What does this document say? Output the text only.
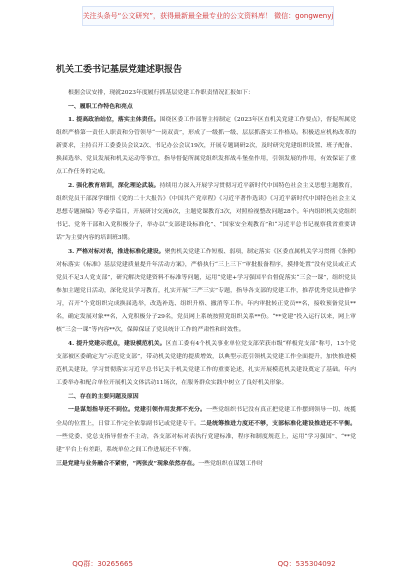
关注头条号“公文研究”，获得最新最全最专业的公文资料库！ 微信：gongwenyj
机关工委书记基层党建述职报告

根据会议安排，现就2023年度履行抓基层党建工作职责情况汇报如下：

一、履职工作特色和亮点

1. 提高政治站位，落实主体责任。围绕区委工作部署主持制定《2023年区直机关党建工作要点》，督促所属党组织严格第一责任人职责和分管领导“一岗双责”，形成了一级抓一级、层层抓落实工作格局。积极适应机构改革的新要求，主持召开工委委员会议2次、书记办公会议19次，开展专题调研2次，及时研究党建组织设置、班子配备、换届选举、党员发展和机关运动等事宜，指导督促所属党组织发挥战斗堡垒作用，引领发展的作用，有效保证了重点工作任务的完成。

2. 强化教育培训，深化理论武装。持续用力深入开展学习贯彻习近平新时代中国特色社会主义思想主题教育，组织党员干部深学细悟《党的二十大报告》《中国共产党章程》《习近平著作选读》《习近平新时代中国特色社会主义思想专题摘编》等必学篇目，开展研讨交流6次，主题党课教育3次，对照检视整改问题28个。年内组织机关党组织书记、党务干部和入党积极分子，举办以“支部建设标准化”、“国家安全观教育”和“习近平总书记视察我省重要讲话”为主要内容的培训班3期。

3. 严格对标对表，推进标准化建设。聚焦机关党建工作短板、弱项，制定落实《区委直属机关学习贯彻《条例》对标落实《标准》基层党建质量提升年活动方案》，严格执行“三上三下”审批报备程序，摸排处置“没有党员或正式党员不足3人党支部”，研究解决党建资料不标准等问题，运用“党建+学习强国平台督促落实“三会一课”，组织党员参加主题党日活动，深化党员学习教育，扎实开展“三严三实”专题，指导各支部的党建工作，推荐优秀党员进修学习，召开“个党组织完成换届选举，改选补选、组织升格、撤消等工作。年内审批转正党员**名，接收预备党员**名，确定发展对象**名，入党积极分子29名，党员网上系统按照党组织关系**份。“**党建”投入运行以来，网上审核“三会一课”等内容**次，保障保证了党员统计工作的严肃性和时效性。

4. 提升党建示范点，建设模范机关。区直工委有4个机关事业单位党支部荣获市级“样板党支部”称号，13个党支部被区委确定为“示范党支部”，带动机关党建的提质增效，以典型示范引领机关党建工作全面提升，加快推进模范机关建设，学习贯彻落实习近平总书记关于机关党建工作的重要论述，扎实开展模范机关建设奠定了基础。年内工委举办和配合单位开展机关文体活动11场次，在服务群众实践中树立了良好机关形象。

二、存在的主要问题及原因

一是谋划指导还不到位。党建引领作用发挥不充分。一些党组织书记没有真正把党建工作摆到领导一切、统揽全局的位置上，日常工作完全依靠副书记或党建专干。二是统筹推进力度还不够，支部标准化建设推进还不平衡。一些党委、党总支指导督查不主动，各支部对标对表执行党建标准，程序和制度规范上，运用“学习强国”、“**党建”平台上有差距，系统单位之间工作进展还不平衡。

三是党建与业务融合不紧密，“两张皮”现象依然存在。一些党组织在谋划工作时

QQ群：30265665	QQ：535304092
